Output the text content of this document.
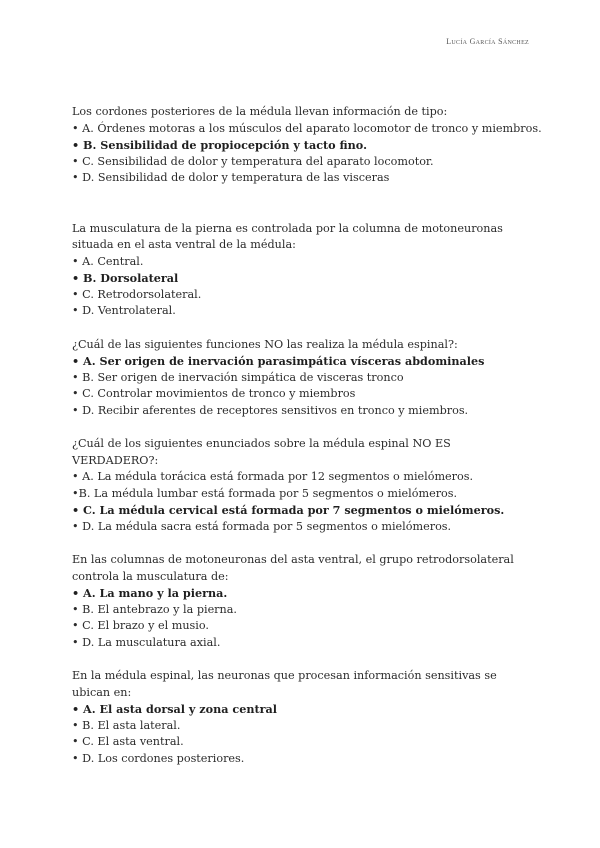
Lucía García Sánchez

Los cordones posteriores de la médula llevan información de tipo:

• A. Órdenes motoras a los músculos del aparato locomotor de tronco y miembros.

• B. Sensibilidad de propiocepción y tacto fino.

• C. Sensibilidad de dolor y temperatura del aparato locomotor.

• D. Sensibilidad de dolor y temperatura de las visceras

La musculatura de la pierna es controlada por la columna de motoneuronas situada en el asta ventral de la médula:

• A. Central.

• B. Dorsolateral

• C. Retrodorsolateral.

• D. Ventrolateral.

¿Cuál de las siguientes funciones NO las realiza la médula espinal?:

• A. Ser origen de inervación parasimpática vísceras abdominales

• B. Ser origen de inervación simpática de visceras tronco

• C. Controlar movimientos de tronco y miembros

• D. Recibir aferentes de receptores sensitivos en tronco y miembros.

¿Cuál de los siguientes enunciados sobre la médula espinal NO ES VERDADERO?:

• A. La médula torácica está formada por 12 segmentos o mielómeros.

•B. La médula lumbar está formada por 5 segmentos o mielómeros.

• C. La médula cervical está formada por 7 segmentos o mielómeros.

• D. La médula sacra está formada por 5 segmentos o mielómeros.

En las columnas de motoneuronas del asta ventral, el grupo retrodorsolateral controla la musculatura de:

• A. La mano y la pierna.

• B. El antebrazo y la pierna.

• C. El brazo y el musio.

• D. La musculatura axial.

En la médula espinal, las neuronas que procesan información sensitivas se ubican en:

• A. El asta dorsal y zona central

• B. El asta lateral.

• C. El asta ventral.

• D. Los cordones posteriores.
